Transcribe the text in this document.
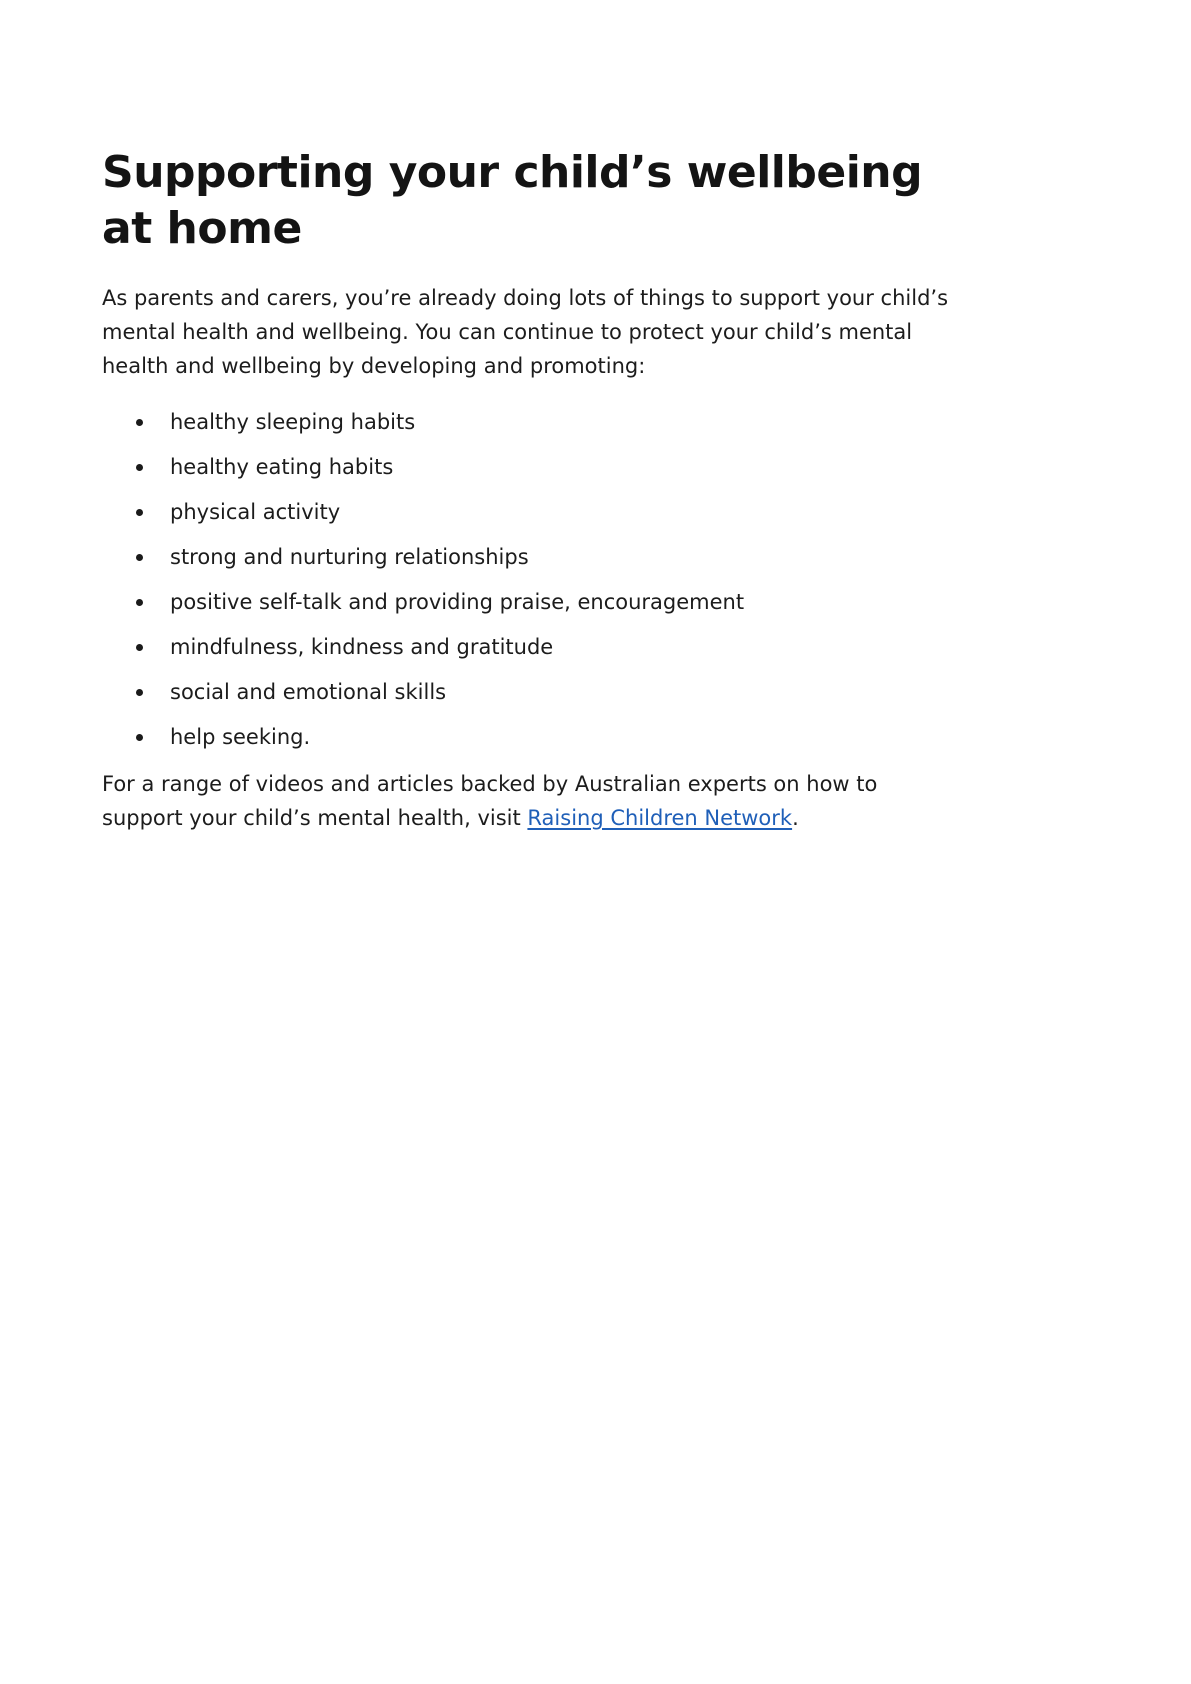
Supporting your child’s wellbeing at home

As parents and carers, you’re already doing lots of things to support your child’s mental health and wellbeing. You can continue to protect your child’s mental health and wellbeing by developing and promoting:

healthy sleeping habits
healthy eating habits
physical activity
strong and nurturing relationships
positive self-talk and providing praise, encouragement
mindfulness, kindness and gratitude
social and emotional skills
help seeking.

For a range of videos and articles backed by Australian experts on how to support your child’s mental health, visit Raising Children Network.
